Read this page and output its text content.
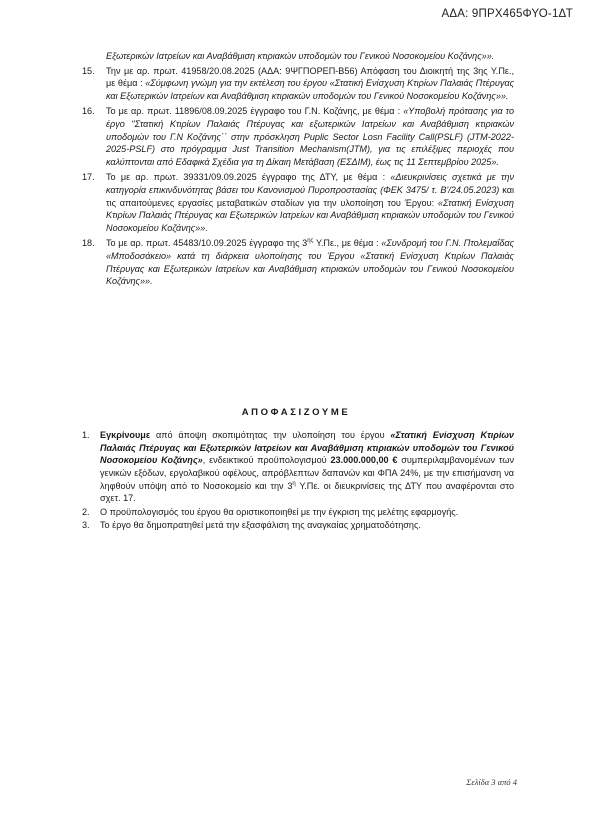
ΑΔΑ: 9ΠΡΧ465ΦΥΟ-1ΔΤ
Εξωτερικών Ιατρείων και Αναβάθμιση κτιριακών υποδομών του Γενικού Νοσοκομείου Κοζάνης»».
15. Την με αρ. πρωτ. 41958/20.08.2025 (ΑΔΑ: 9ΨΓΠΟΡΕΠ-Β56) Απόφαση του Διοικητή της 3ης Υ.Πε., με θέμα : «Σύμφωνη γνώμη για την εκτέλεση του έργου «Στατική Ενίσχυση Κτιρίων Παλαιάς Πτέρυγας και Εξωτερικών Ιατρείων και Αναβάθμιση κτιριακών υποδομών του Γενικού Νοσοκομείου Κοζάνης»».
16. Το με αρ. πρωτ. 11896/08.09.2025 έγγραφο του Γ.Ν. Κοζάνης, με θέμα : «Υποβολή πρότασης για το έργο "Στατική Κτιρίων Παλαιάς Πτέρυγας και εξωτερικών Ιατρείων και Αναβάθμιση κτιριακών υποδομών του Γ.Ν Κοζάνης΄΄ στην πρόσκληση Puplic Sector Losn Facility Call(PSLF) (JTM-2022-2025-PSLF) στο πρόγραμμα Just Transition Mechanism(JTM), για τις επιλέξιμες περιοχές που καλύπτονται από Εδαφικά Σχέδια για τη Δίκαιη Μετάβαση (ΕΣΔΙΜ), έως τις 11 Σεπτεμβρίου 2025».
17. Το με αρ. πρωτ. 39331/09.09.2025 έγγραφο της ΔΤΥ, με θέμα : «Διευκρινίσεις σχετικά με την κατηγορία επικινδυνότητας βάσει του Κανονισμού Πυροπροστασίας (ΦΕΚ 3475/ τ. Β'/24.05.2023) και τις απαιτούμενες εργασίες μεταβατικών σταδίων για την υλοποίηση του Έργου: «Στατική Ενίσχυση Κτιρίων Παλαιάς Πτέρυγας και Εξωτερικών Ιατρείων και Αναβάθμιση κτιριακών υποδομών του Γενικού Νοσοκομείου Κοζάνης»».
18. Το με αρ. πρωτ. 45483/10.09.2025 έγγραφο της $3^{\eta\varsigma}$ Υ.Πε., με θέμα : «Συνδρομή του Γ.Ν. Πτολεμαΐδας «Μποδοσάκειο» κατά τη διάρκεια υλοποίησης του Έργου «Στατική Ενίσχυση Κτιρίων Παλαιάς Πτέρυγας και Εξωτερικών Ιατρείων και Αναβάθμιση κτιριακών υποδομών του Γενικού Νοσοκομείου Κοζάνης»».
ΑΠΟΦΑΣΙΖΟΥΜΕ
1. Εγκρίνουμε από άποψη σκοπιμότητας την υλοποίηση του έργου «Στατική Ενίσχυση Κτιρίων Παλαιάς Πτέρυγας και Εξωτερικών Ιατρείων και Αναβάθμιση κτιριακών υποδομών του Γενικού Νοσοκομείου Κοζάνης», ενδεικτικού προϋπολογισμού 23.000.000,00 € συμπεριλαμβανομένων των γενικών εξόδων, εργολαβικού οφέλους, απρόβλεπτων δαπανών και ΦΠΑ 24%, με την επισήμανση να ληφθούν υπόψη από το Νοσοκομείο και την $3^\eta$ Υ.Πε. οι διευκρινίσεις της ΔΤΥ που αναφέρονται στο σχετ. 17.
2. Ο προϋπολογισμός του έργου θα οριστικοποιηθεί με την έγκριση της μελέτης εφαρμογής.
3. Το έργο θα δημοπρατηθεί μετά την εξασφάλιση της αναγκαίας χρηματοδότησης.
Σελίδα 3 από 4
